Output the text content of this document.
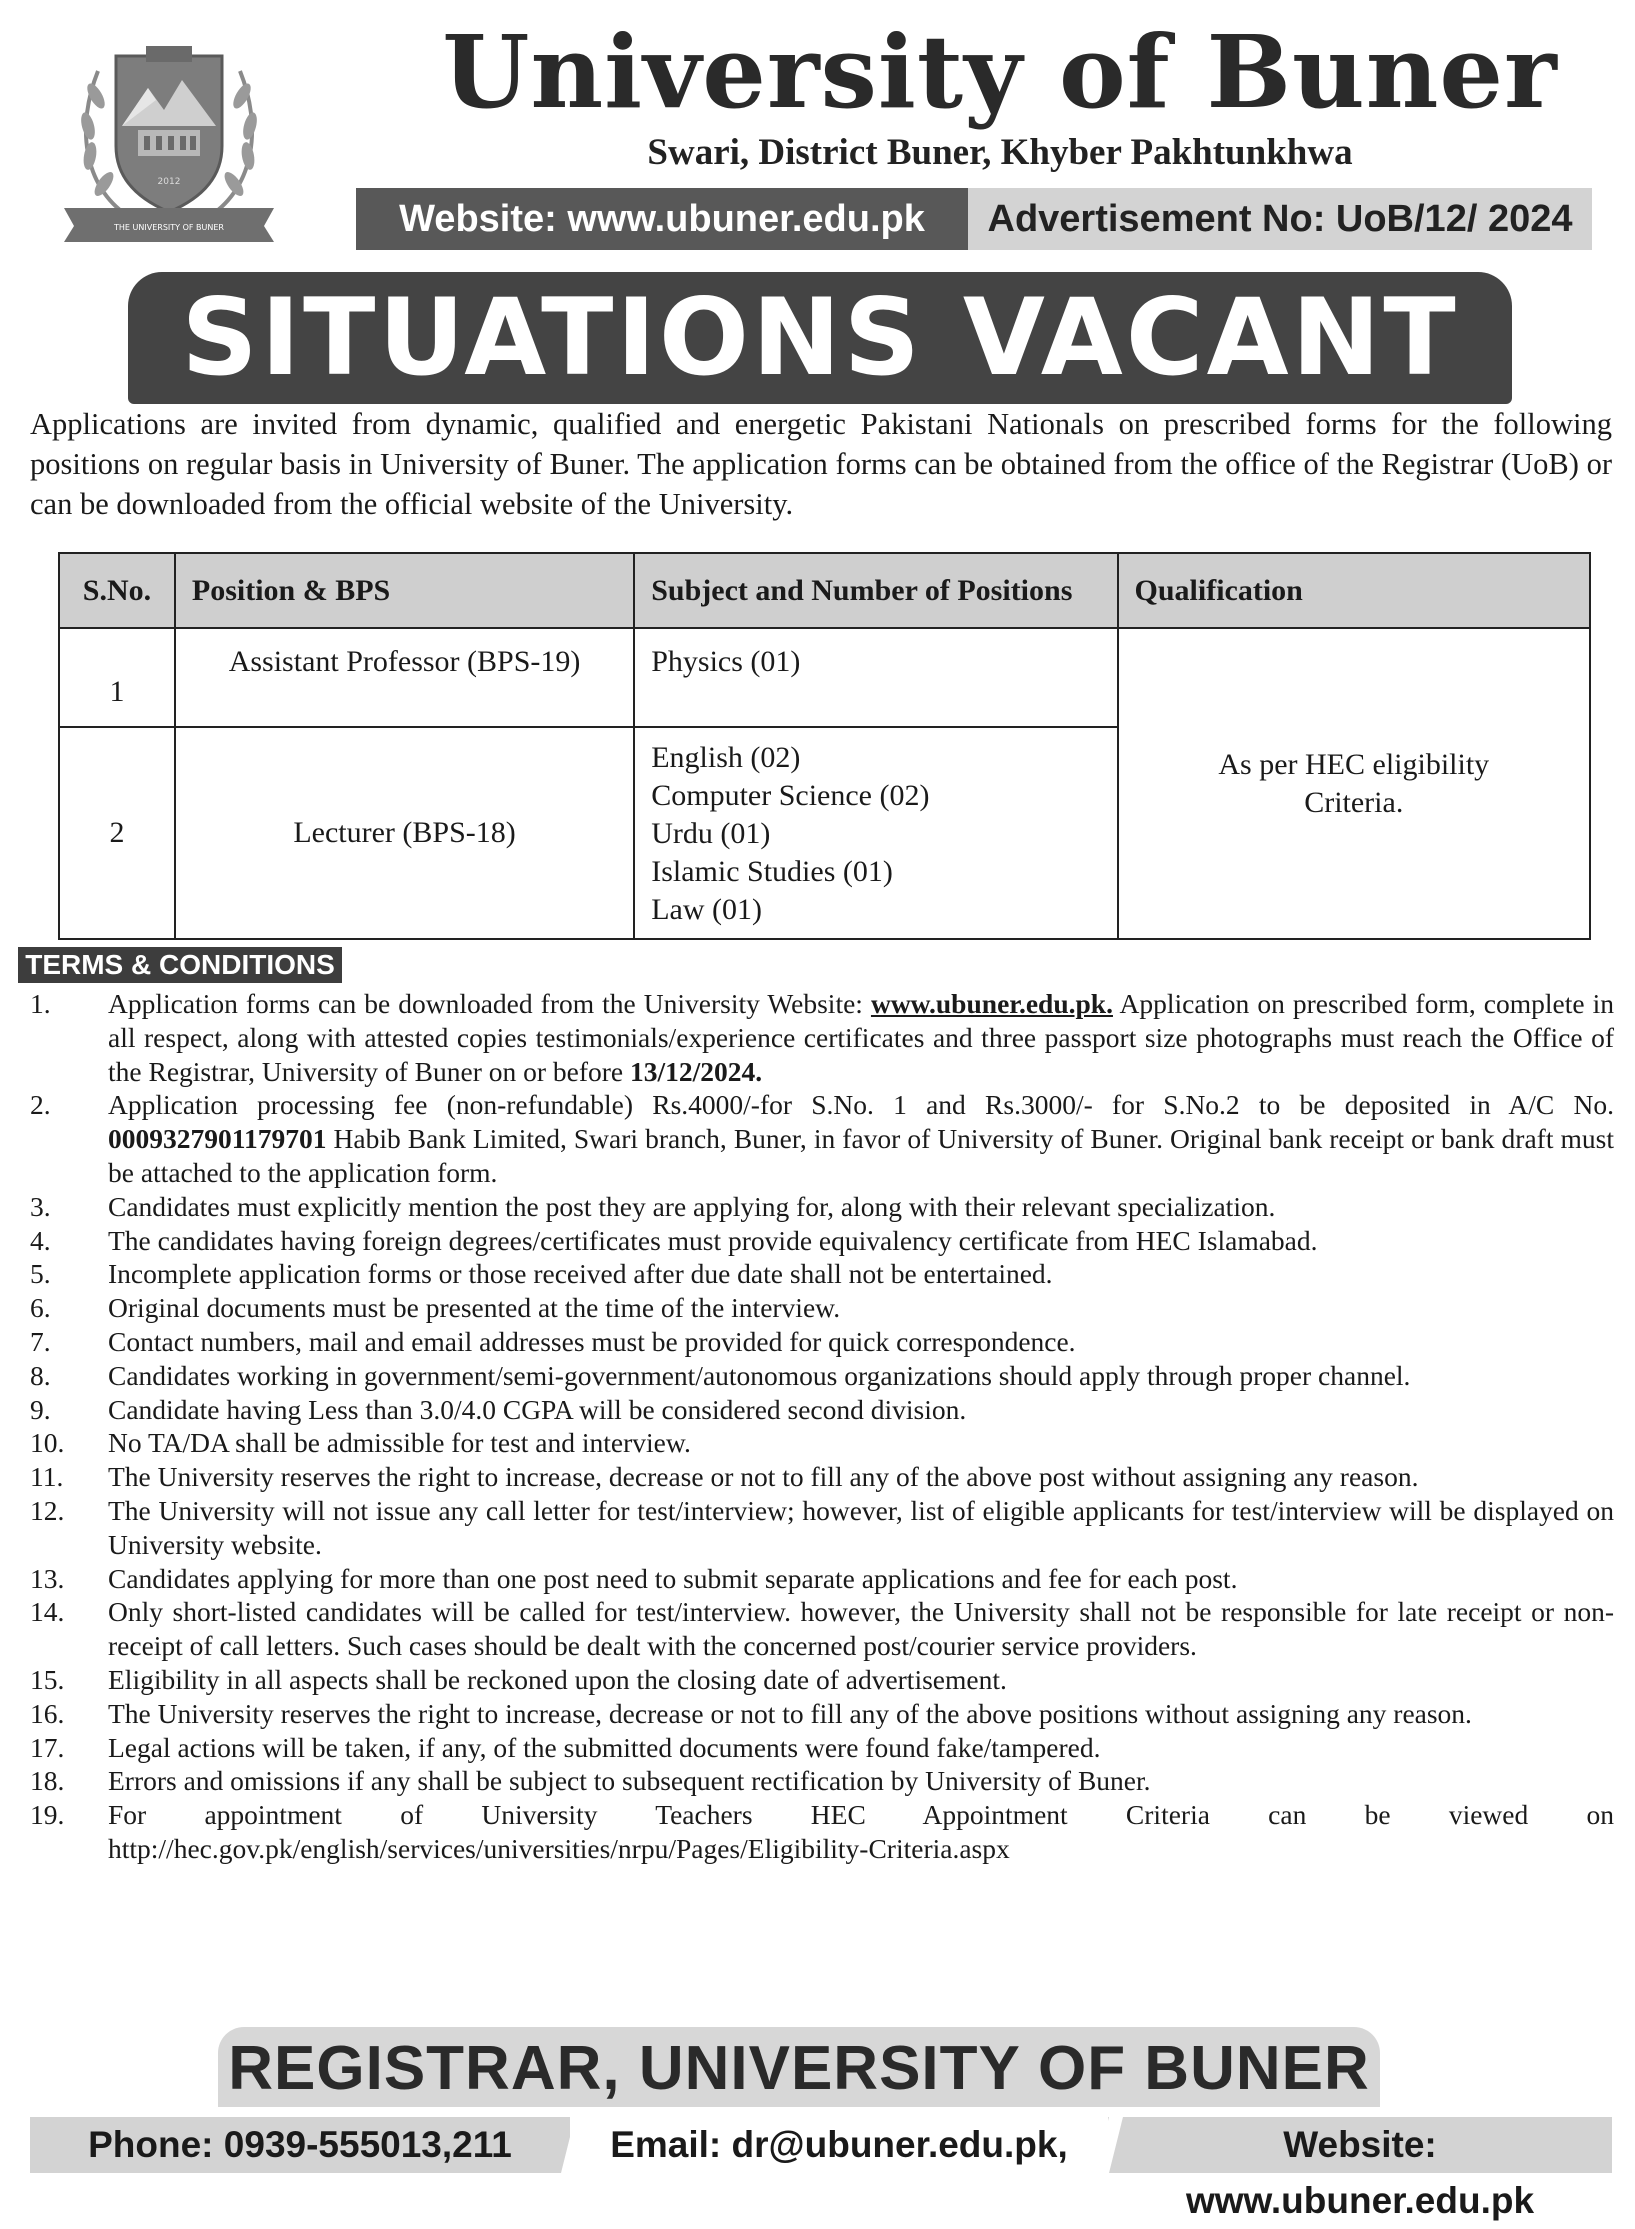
2012
THE UNIVERSITY OF BUNER
University of Buner
Swari, District Buner, Khyber Pakhtunkhwa
Website: www.ubuner.edu.pk	Advertisement No: UoB/12/ 2024
SITUATIONS VACANT
Applications are invited from dynamic, qualified and energetic Pakistani Nationals on prescribed forms for the following positions on regular basis in University of Buner. The application forms can be obtained from the office of the Registrar (UoB) or can be downloaded from the official website of the University.
S.No.	Position & BPS	Subject and Number of Positions	Qualification
1	Assistant Professor (BPS-19)	Physics (01)	As per HEC eligibility
Criteria.

2	Lecturer (BPS-18)	English (02)
Computer Science (02)
Urdu (01)
Islamic Studies (01)
Law (01)	
TERMS & CONDITIONS
1.	Application forms can be downloaded from the University Website: www.ubuner.edu.pk. Application on prescribed form, complete in all respect, along with attested copies testimonials/experience certificates and three passport size photographs must reach the Office of the Registrar, University of Buner on or before 13/12/2024.
2.	Application processing fee (non-refundable) Rs.4000/-for S.No. 1 and Rs.3000/- for S.No.2 to be deposited in A/C No. 0009327901179701 Habib Bank Limited, Swari branch, Buner, in favor of University of Buner. Original bank receipt or bank draft must be attached to the application form.
3.	Candidates must explicitly mention the post they are applying for, along with their relevant specialization.
4.	The candidates having foreign degrees/certificates must provide equivalency certificate from HEC Islamabad.
5.	Incomplete application forms or those received after due date shall not be entertained.
6.	Original documents must be presented at the time of the interview.
7.	Contact numbers, mail and email addresses must be provided for quick correspondence.
8.	Candidates working in government/semi-government/autonomous organizations should apply through proper channel.
9.	Candidate having Less than 3.0/4.0 CGPA will be considered second division.
10.	No TA/DA shall be admissible for test and interview.
11.	The University reserves the right to increase, decrease or not to fill any of the above post without assigning any reason.
12.	The University will not issue any call letter for test/interview; however, list of eligible applicants for test/interview will be displayed on University website.
13.	Candidates applying for more than one post need to submit separate applications and fee for each post.
14.	Only short-listed candidates will be called for test/interview. however, the University shall not be responsible for late receipt or non-receipt of call letters. Such cases should be dealt with the concerned post/courier service providers.
15.	Eligibility in all aspects shall be reckoned upon the closing date of advertisement.
16.	The University reserves the right to increase, decrease or not to fill any of the above positions without assigning any reason.
17.	Legal actions will be taken, if any, of the submitted documents were found fake/tampered.
18.	Errors and omissions if any shall be subject to subsequent rectification by University of Buner.
19.	For appointment of University Teachers HEC Appointment Criteria can be viewed on http://hec.gov.pk/english/services/universities/nrpu/Pages/Eligibility-Criteria.aspx
REGISTRAR, UNIVERSITY OF BUNER
Phone: 0939-555013,211	Email: dr@ubuner.edu.pk,	Website: www.ubuner.edu.pk
